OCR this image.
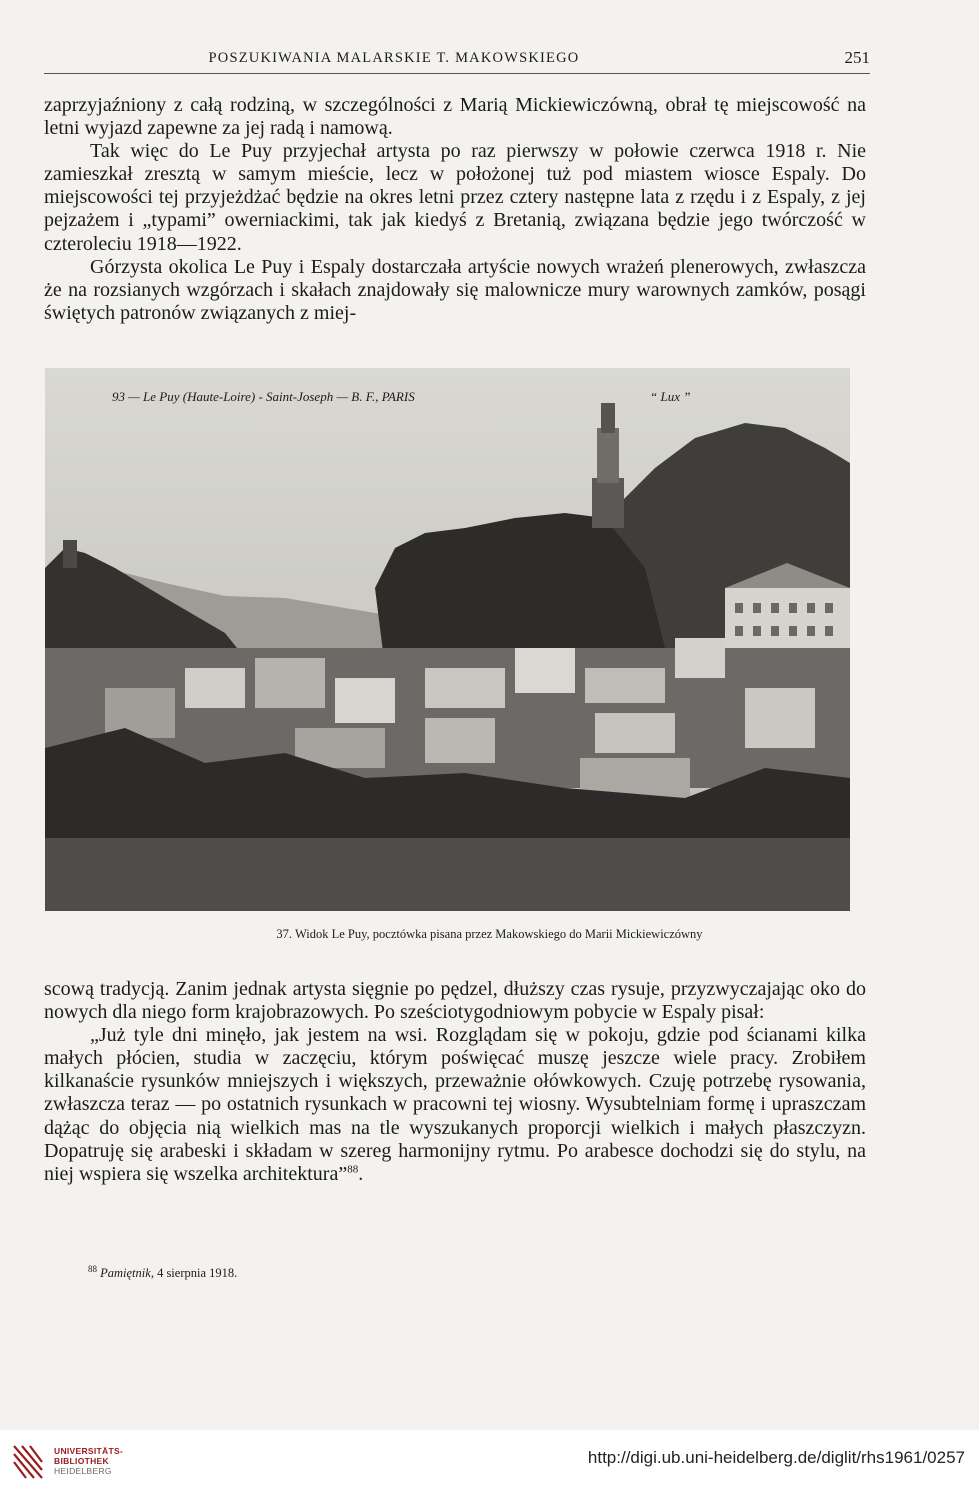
POSZUKIWANIA MALARSKIE T. MAKOWSKIEGO	251

zaprzyjaźniony z całą rodziną, w szczególności z Marią Mickiewiczówną, obrał tę miejscowość na letni wyjazd zapewne za jej radą i namową.

Tak więc do Le Puy przyjechał artysta po raz pierwszy w połowie czerwca 1918 r. Nie zamieszkał zresztą w samym mieście, lecz w położonej tuż pod miastem wiosce Espaly. Do miejscowości tej przyjeżdżać będzie na okres letni przez cztery następne lata z rzędu i z Espaly, z jej pejzażem i „typami” owerniackimi, tak jak kiedyś z Bretanią, związana będzie jego twórczość w czteroleciu 1918—1922.

Górzysta okolica Le Puy i Espaly dostarczała artyście nowych wrażeń plenerowych, zwłaszcza że na rozsianych wzgórzach i skałach znajdowały się malownicze mury warownych zamków, posągi świętych patronów związanych z miej-

93 — Le Puy (Haute-Loire) - Saint-Joseph — B. F., PARIS	“ Lux ”
37. Widok Le Puy, pocztówka pisana przez Makowskiego do Marii Mickiewiczówny

scową tradycją. Zanim jednak artysta sięgnie po pędzel, dłuższy czas rysuje, przyzwyczajając oko do nowych dla niego form krajobrazowych. Po sześciotygodniowym pobycie w Espaly pisał:

„Już tyle dni minęło, jak jestem na wsi. Rozglądam się w pokoju, gdzie pod ścianami kilka małych płócien, studia w zaczęciu, którym poświęcać muszę jeszcze wiele pracy. Zrobiłem kilkanaście rysunków mniejszych i większych, przeważnie ołówkowych. Czuję potrzebę rysowania, zwłaszcza teraz — po ostatnich rysunkach w pracowni tej wiosny. Wysubtelniam formę i upraszczam dążąc do objęcia nią wielkich mas na tle wyszukanych proporcji wielkich i małych płaszczyzn. Dopatruję się arabeski i składam w szereg harmonijny rytmu. Po arabesce dochodzi się do stylu, na niej wspiera się wszelka architektura”$^{88}$.

$^{88}$ Pamiętnik, 4 sierpnia 1918.
UNIVERSITÄTS-
BIBLIOTHEK
HEIDELBERG
http://digi.ub.uni-heidelberg.de/diglit/rhs1961/0257
